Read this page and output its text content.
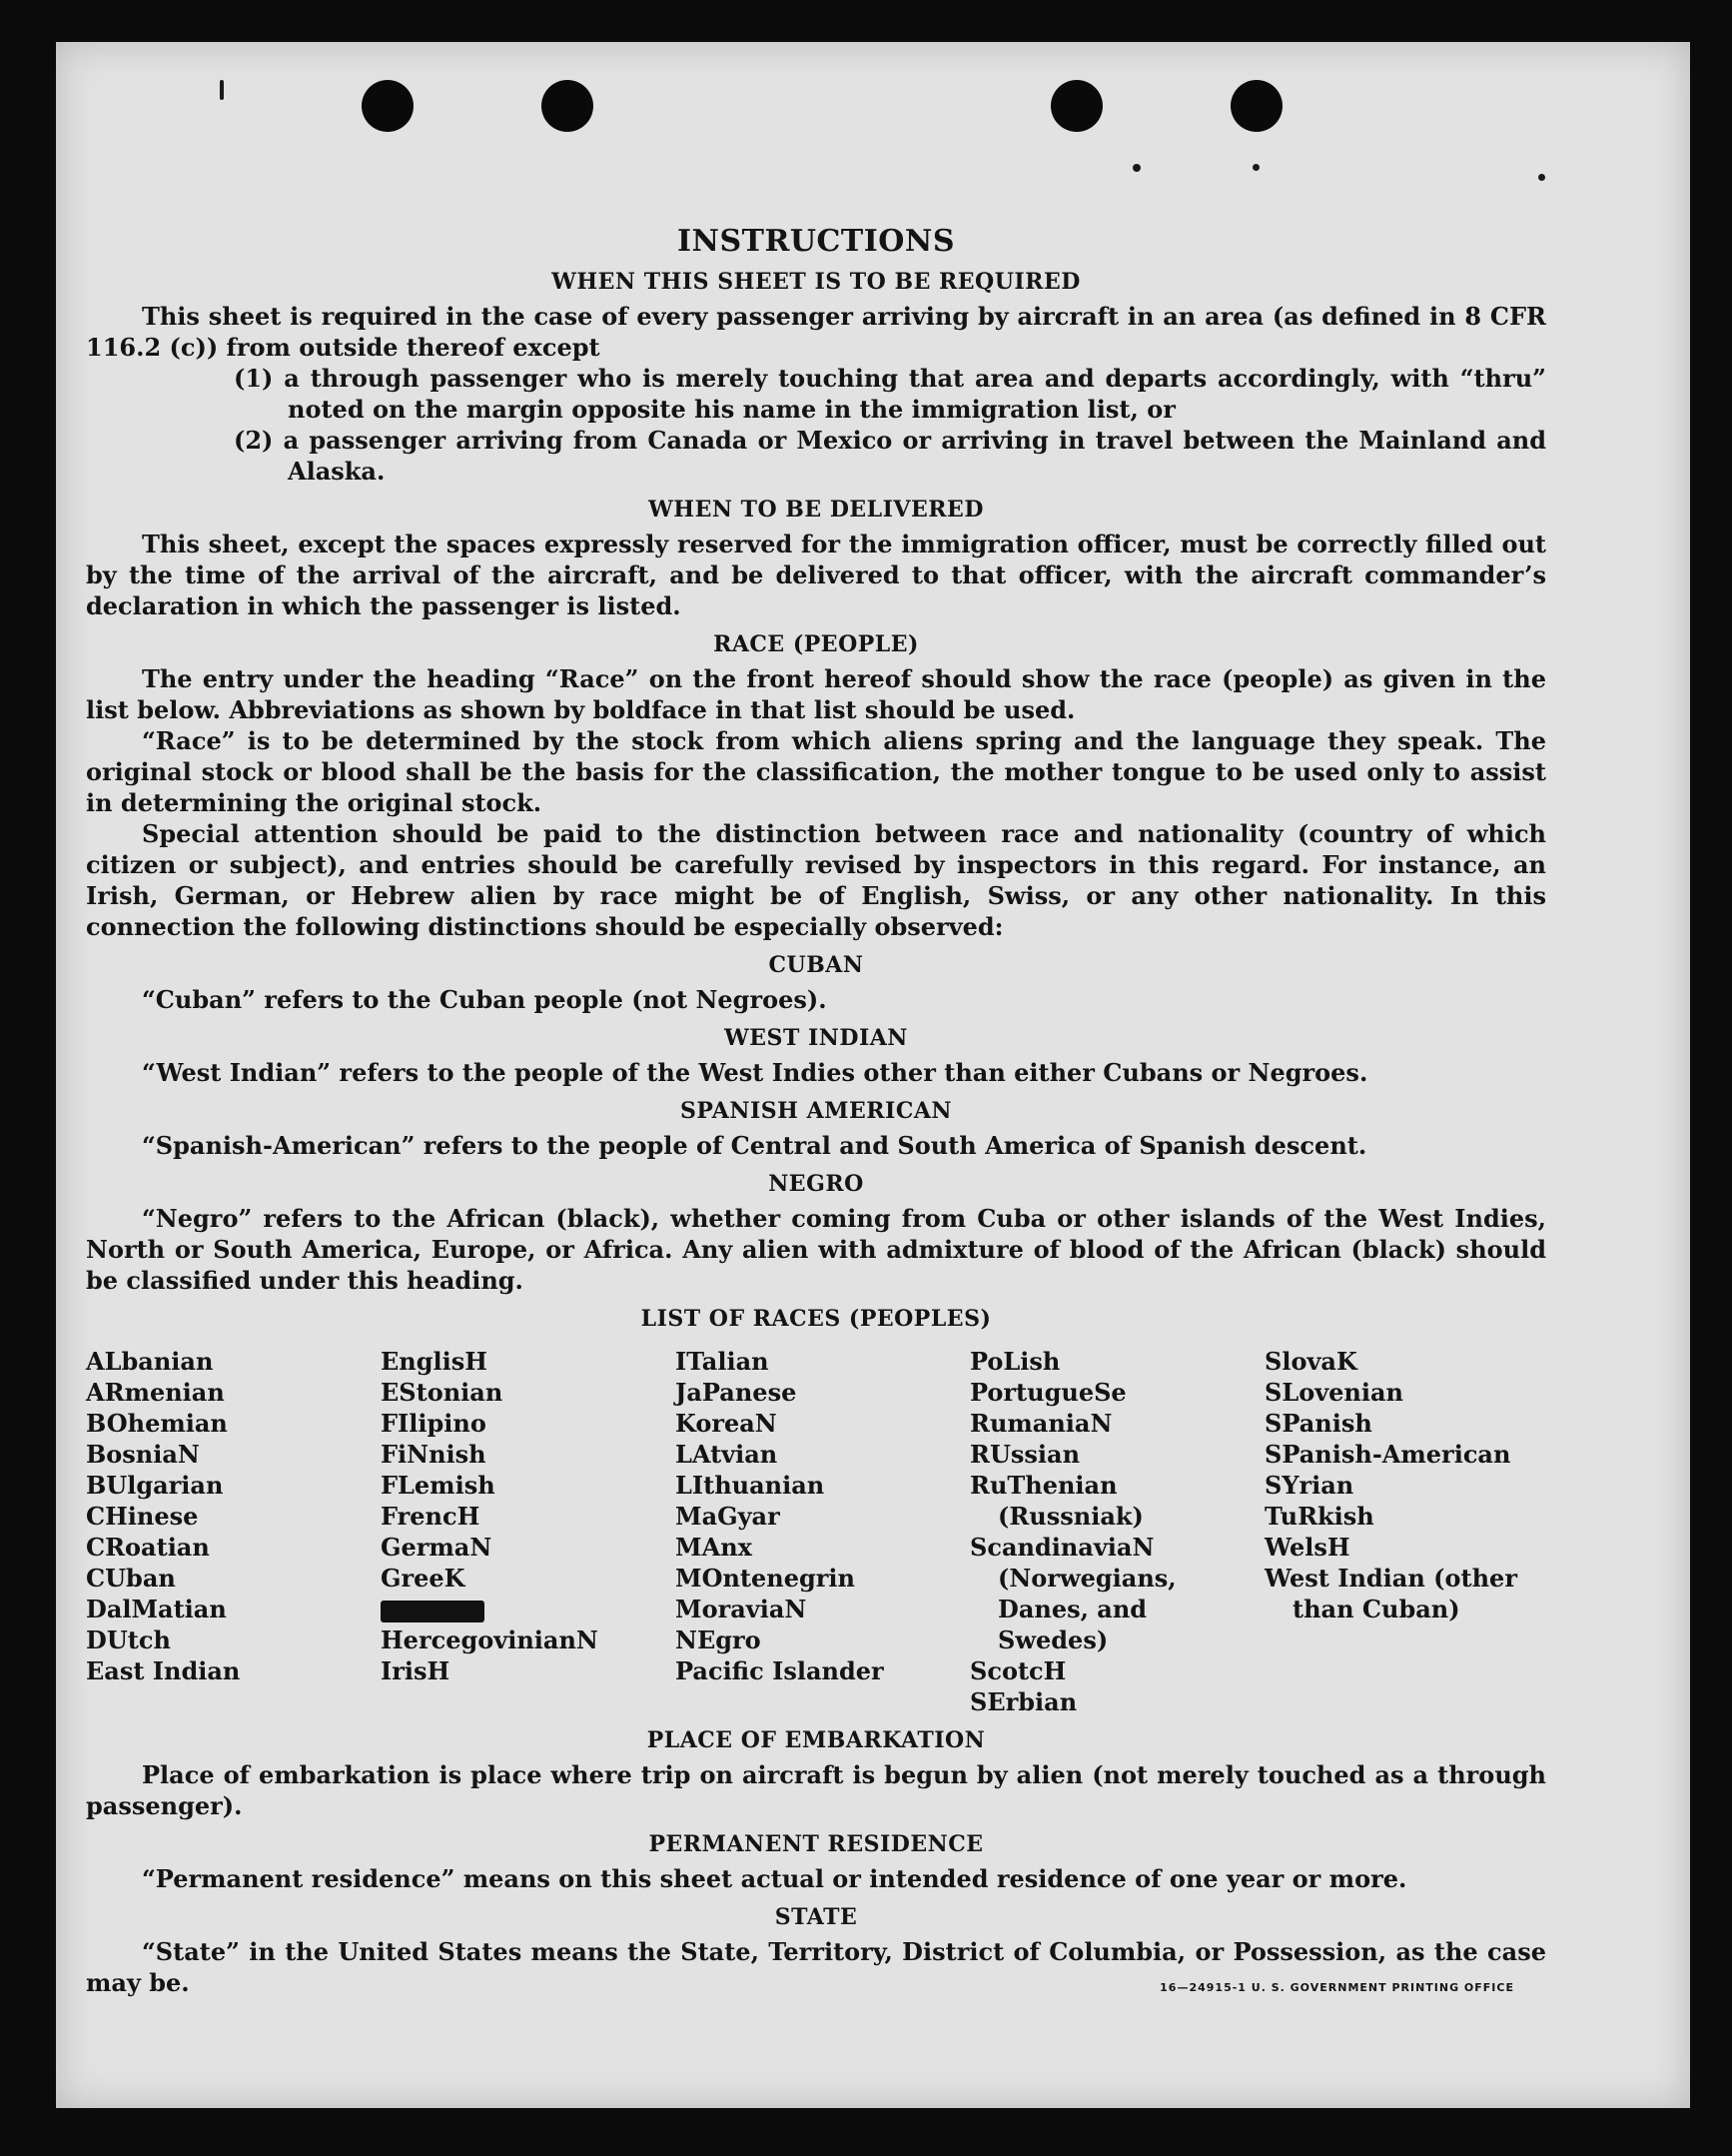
INSTRUCTIONS
WHEN THIS SHEET IS TO BE REQUIRED

This sheet is required in the case of every passenger arriving by aircraft in an area (as defined in 8 CFR 116.2 (c)) from outside thereof except

(1) a through passenger who is merely touching that area and departs accordingly, with “thru” noted on the margin opposite his name in the immigration list, or

(2) a passenger arriving from Canada or Mexico or arriving in travel between the Mainland and Alaska.

WHEN TO BE DELIVERED

This sheet, except the spaces expressly reserved for the immigration officer, must be correctly filled out by the time of the arrival of the aircraft, and be delivered to that officer, with the aircraft commander’s declaration in which the passenger is listed.

RACE (PEOPLE)

The entry under the heading “Race” on the front hereof should show the race (people) as given in the list below. Abbreviations as shown by boldface in that list should be used.

“Race” is to be determined by the stock from which aliens spring and the language they speak. The original stock or blood shall be the basis for the classification, the mother tongue to be used only to assist in determining the original stock.

Special attention should be paid to the distinction between race and nationality (country of which citizen or subject), and entries should be carefully revised by inspectors in this regard. For instance, an Irish, German, or Hebrew alien by race might be of English, Swiss, or any other nationality. In this connection the following distinctions should be especially observed:

CUBAN

“Cuban” refers to the Cuban people (not Negroes).

WEST INDIAN

“West Indian” refers to the people of the West Indies other than either Cubans or Negroes.

SPANISH AMERICAN

“Spanish-American” refers to the people of Central and South America of Spanish descent.

NEGRO

“Negro” refers to the African (black), whether coming from Cuba or other islands of the West Indies, North or South America, Europe, or Africa. Any alien with admixture of blood of the African (black) should be classified under this heading.

LIST OF RACES (PEOPLES)
ALbanian
ARmenian
BOhemian
BosniaN
BUlgarian
CHinese
CRoatian
CUban
DalMatian
DUtch
East Indian
EnglisH
EStonian
FIlipino
FiNnish
FLemish
FrencH
GermaN
GreeK
HercegovinianN
IrisH
ITalian
JaPanese
KoreaN
LAtvian
LIthuanian
MaGyar
MAnx
MOntenegrin
MoraviaN
NEgro
Pacific Islander
PoLish
PortugueSe
RumaniaN
RUssian
RuThenian (Russniak)
ScandinaviaN (Norwegians, Danes, and Swedes)
ScotcH
SErbian
SlovaK
SLovenian
SPanish
SPanish-American
SYrian
TuRkish
WelsH
West Indian (other than Cuban)
PLACE OF EMBARKATION

Place of embarkation is place where trip on aircraft is begun by alien (not merely touched as a through passenger).

PERMANENT RESIDENCE

“Permanent residence” means on this sheet actual or intended residence of one year or more.

STATE

“State” in the United States means the State, Territory, District of Columbia, or Possession, as the case may be.	16—24915-1 U. S. GOVERNMENT PRINTING OFFICE
